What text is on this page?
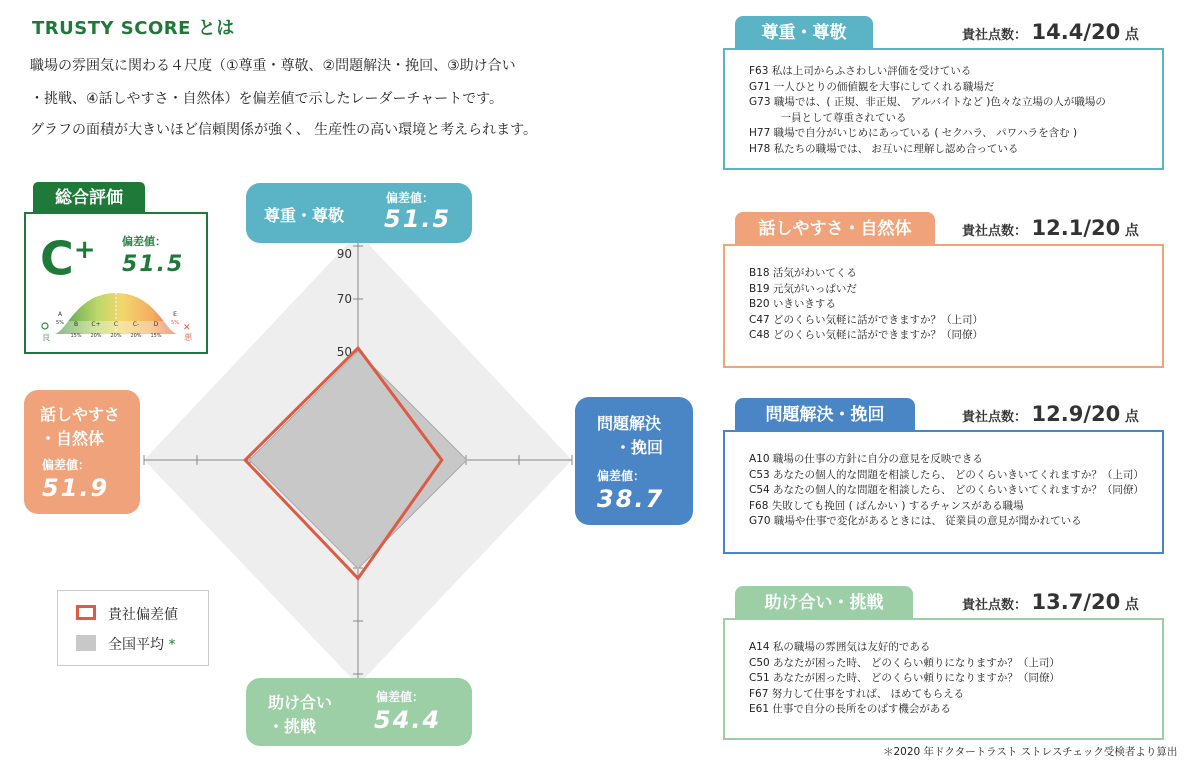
TRUSTY SCORE とは
職場の雰囲気に関わる４尺度（①尊重・尊敬、②問題解決・挽回、③助け合い
・挑戦、④話しやすさ・自然体）を偏差値で示したレーダーチャートです。
グラフの面積が大きいほど信頼関係が強く、 生産性の高い環境と考えられます。
総合評価
C+ 偏差値：
51.5
A
5% B
15%
C+
20%
C
20%
C-
20%
D
15%
E
5%
良	悪
✕
90
70
50
尊重・尊敬
偏差値：
51.5
問題解決
・挽回
偏差値：
38.7
助け合い
・挑戦
偏差値：
54.4
話しやすさ
・自然体
偏差値：
51.9
貴社偏差値
全国平均 *
F63 私は上司からふさわしい評価を受けている
G71 一人ひとりの価値観を大事にしてくれる職場だ
G73 職場では、( 正規、非正規、 アルバイトなど )色々な立場の人が職場の
　　　一員として尊重されている
H77 職場で自分がいじめにあっている ( セクハラ、 パワハラを含む )
H78 私たちの職場では、 お互いに理解し認め合っている
尊重・尊敬	貴社点数： 14.4/20 点
B18 活気がわいてくる
B19 元気がいっぱいだ
B20 いきいきする
C47 どのくらい気軽に話ができますか？（上司）
C48 どのくらい気軽に話ができますか？（同僚）
話しやすさ・自然体	貴社点数： 12.1/20 点
A10 職場の仕事の方針に自分の意見を反映できる
C53 あなたの個人的な問題を相談したら、 どのくらいきいてくれますか？（上司）
C54 あなたの個人的な問題を相談したら、 どのくらいきいてくれますか？（同僚）
F68 失敗しても挽回 ( ばんかい ) するチャンスがある職場
G70 職場や仕事で変化があるときには、 従業員の意見が聞かれている
問題解決・挽回	貴社点数： 12.9/20 点
A14 私の職場の雰囲気は友好的である
C50 あなたが困った時、 どのくらい頼りになりますか？（上司）
C51 あなたが困った時、 どのくらい頼りになりますか？（同僚）
F67 努力して仕事をすれば、 ほめてもらえる
E61 仕事で自分の長所をのばす機会がある
助け合い・挑戦	貴社点数： 13.7/20 点
＊2020 年ドクタートラスト ストレスチェック受検者より算出
